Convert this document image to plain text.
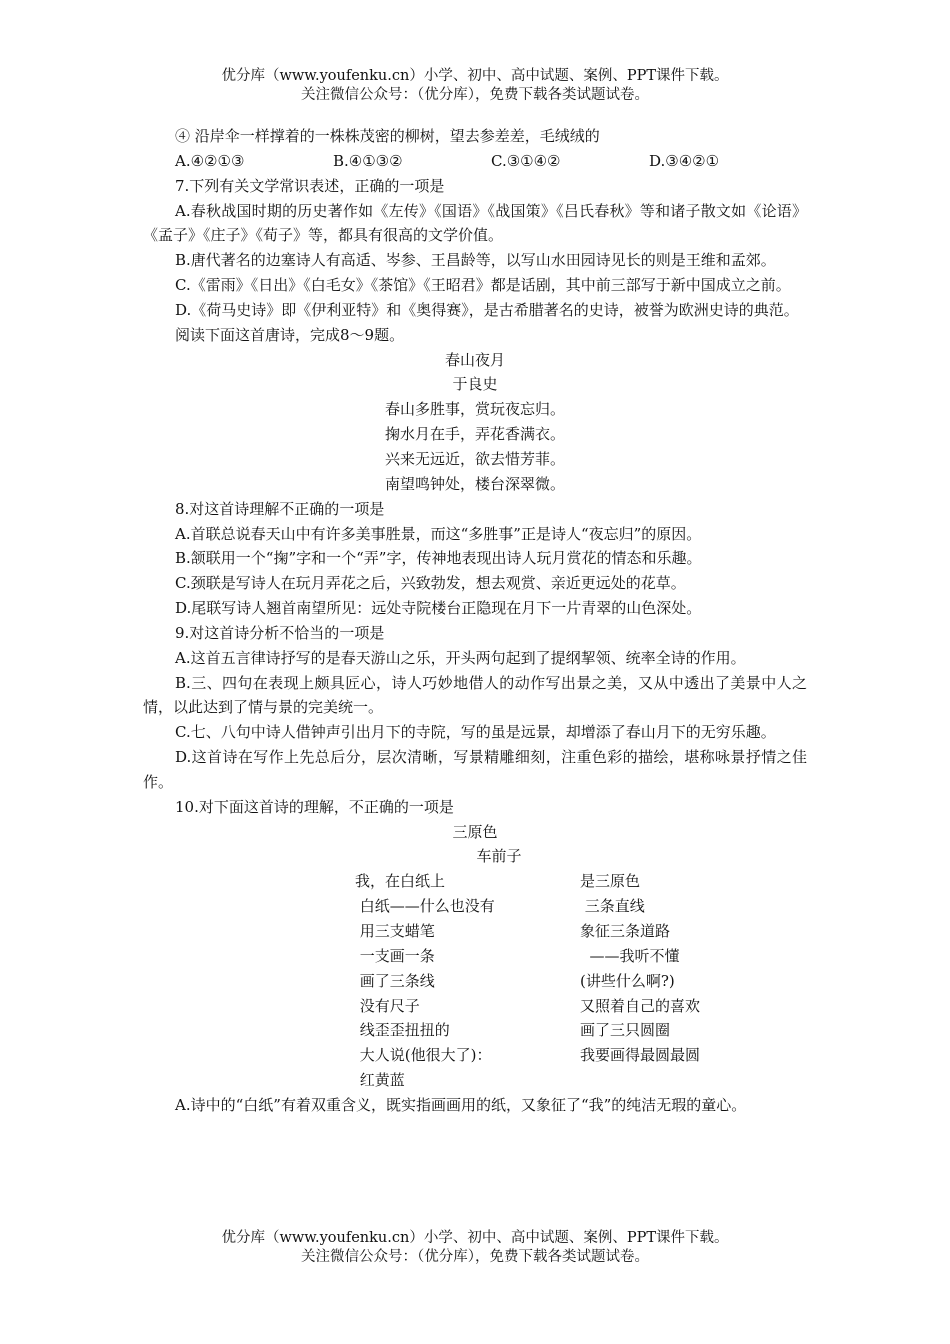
优分库（www.youfenku.cn）小学、初中、高中试题、案例、PPT课件下载。
关注微信公众号：（优分库），免费下载各类试题试卷。

④ 沿岸伞一样撑着的一株株茂密的柳树，望去参差差，毛绒绒的

A.④②①③	B.④①③②	C.③①④②	D.③④②①

7.下列有关文学常识表述，正确的一项是

A.春秋战国时期的历史著作如《左传》《国语》《战国策》《吕氏春秋》等和诸子散文如《论语》《孟子》《庄子》《荀子》等，都具有很高的文学价值。

B.唐代著名的边塞诗人有高适、岑参、王昌龄等，以写山水田园诗见长的则是王维和孟郊。

C.《雷雨》《日出》《白毛女》《茶馆》《王昭君》都是话剧，其中前三部写于新中国成立之前。

D.《荷马史诗》即《伊利亚特》和《奥得赛》，是古希腊著名的史诗，被誉为欧洲史诗的典范。

阅读下面这首唐诗，完成8～9题。

春山夜月

于良史

春山多胜事，赏玩夜忘归。

掬水月在手，弄花香满衣。

兴来无远近，欲去惜芳菲。

南望鸣钟处，楼台深翠微。

8.对这首诗理解不正确的一项是

A.首联总说春天山中有许多美事胜景，而这“多胜事”正是诗人“夜忘归”的原因。

B.颔联用一个“掬”字和一个“弄”字，传神地表现出诗人玩月赏花的情态和乐趣。

C.颈联是写诗人在玩月弄花之后，兴致勃发，想去观赏、亲近更远处的花草。

D.尾联写诗人翘首南望所见：远处寺院楼台正隐现在月下一片青翠的山色深处。

9.对这首诗分析不恰当的一项是

A.这首五言律诗抒写的是春天游山之乐，开头两句起到了提纲挈领、统率全诗的作用。

B.三、四句在表现上颇具匠心，诗人巧妙地借人的动作写出景之美，又从中透出了美景中人之情，以此达到了情与景的完美统一。

C.七、八句中诗人借钟声引出月下的寺院，写的虽是远景，却增添了春山月下的无穷乐趣。

D.这首诗在写作上先总后分，层次清晰，写景精雕细刻，注重色彩的描绘，堪称咏景抒情之佳作。

10.对下面这首诗的理解，不正确的一项是

三原色

车前子

我，在白纸上
白纸——什么也没有
用三支蜡笔
一支画一条
画了三条线
没有尺子
线歪歪扭扭的
大人说(他很大了)：
红黄蓝
是三原色
三条直线
象征三条道路
——我听不懂
(讲些什么啊?)
又照着自己的喜欢
画了三只圆圈
我要画得最圆最圆

A.诗中的“白纸”有着双重含义，既实指画画用的纸，又象征了“我”的纯洁无瑕的童心。

优分库（www.youfenku.cn）小学、初中、高中试题、案例、PPT课件下载。
关注微信公众号：（优分库），免费下载各类试题试卷。
